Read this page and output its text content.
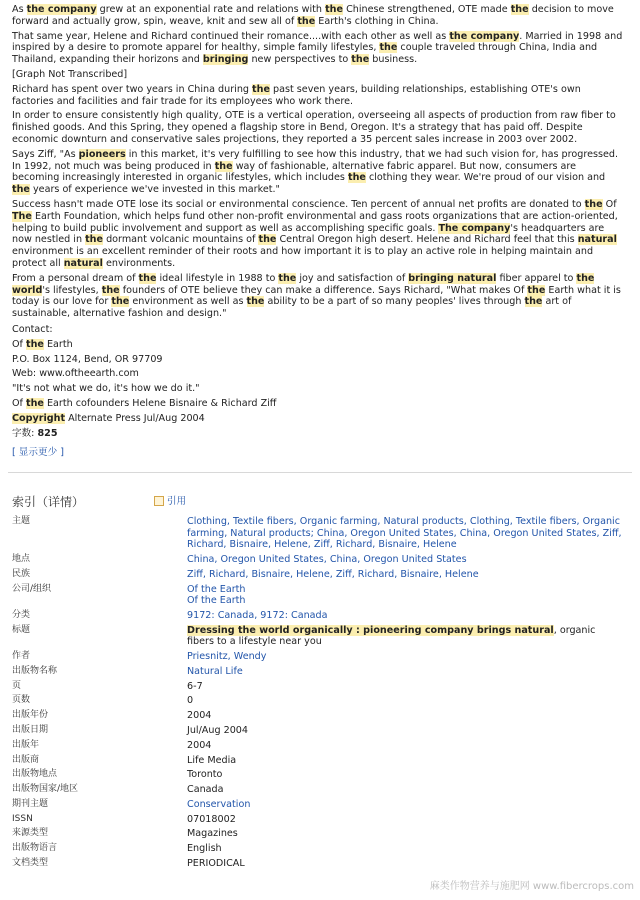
As the company grew at an exponential rate and relations with the Chinese strengthened, OTE made the decision to move forward and actually grow, spin, weave, knit and sew all of the Earth's clothing in China.

That same year, Helene and Richard continued their romance....with each other as well as the company. Married in 1998 and inspired by a desire to promote apparel for healthy, simple family lifestyles, the couple traveled through China, India and Thailand, expanding their horizons and bringing new perspectives to the business.

[Graph Not Transcribed]

Richard has spent over two years in China during the past seven years, building relationships, establishing OTE's own factories and facilities and fair trade for its employees who work there.

In order to ensure consistently high quality, OTE is a vertical operation, overseeing all aspects of production from raw fiber to finished goods. And this Spring, they opened a flagship store in Bend, Oregon. It's a strategy that has paid off. Despite economic downturn and conservative sales projections, they reported a 35 percent sales increase in 2003 over 2002.

Says Ziff, "As pioneers in this market, it's very fulfilling to see how this industry, that we had such vision for, has progressed. In 1992, not much was being produced in the way of fashionable, alternative fabric apparel. But now, consumers are becoming increasingly interested in organic lifestyles, which includes the clothing they wear. We're proud of our vision and the years of experience we've invested in this market."

Success hasn't made OTE lose its social or environmental conscience. Ten percent of annual net profits are donated to the Of The Earth Foundation, which helps fund other non-profit environmental and gass roots organizations that are action-oriented, helping to build public involvement and support as well as accomplishing specific goals. The company's headquarters are now nestled in the dormant volcanic mountains of the Central Oregon high desert. Helene and Richard feel that this natural environment is an excellent reminder of their roots and how important it is to play an active role in helping maintain and protect all natural environments.

From a personal dream of the ideal lifestyle in 1988 to the joy and satisfaction of bringing natural fiber apparel to the world's lifestyles, the founders of OTE believe they can make a difference. Says Richard, "What makes Of the Earth what it is today is our love for the environment as well as the ability to be a part of so many peoples' lives through the art of sustainable, alternative fashion and design."

Contact:

Of the Earth

P.O. Box 1124, Bend, OR 97709

Web: www.oftheearth.com

"It's not what we do, it's how we do it."

Of the Earth cofounders Helene Bisnaire & Richard Ziff

Copyright Alternate Press Jul/Aug 2004

字数: 825

[ 显示更少 ]
索引（详情）	引用
主题	Clothing, Textile fibers, Organic farming, Natural products, Clothing, Textile fibers, Organic farming, Natural products; China, Oregon United States, China, Oregon United States, Ziff, Richard, Bisnaire, Helene, Ziff, Richard, Bisnaire, Helene
地点	China, Oregon United States, China, Oregon United States
民族	Ziff, Richard, Bisnaire, Helene, Ziff, Richard, Bisnaire, Helene
公司/组织	Of the Earth
Of the Earth
分类	9172: Canada, 9172: Canada
标题	Dressing the world organically : pioneering company brings natural, organic fibers to a lifestyle near you
作者	Priesnitz, Wendy
出版物名称	Natural Life
页	6-7
页数	0
出版年份	2004
出版日期	Jul/Aug 2004
出版年	2004
出版商	Life Media
出版物地点	Toronto
出版物国家/地区	Canada
期刊主题	Conservation
ISSN	07018002
来源类型	Magazines
出版物语言	English
文档类型	PERIODICAL
麻类作物营养与施肥网 www.fibercrops.com
